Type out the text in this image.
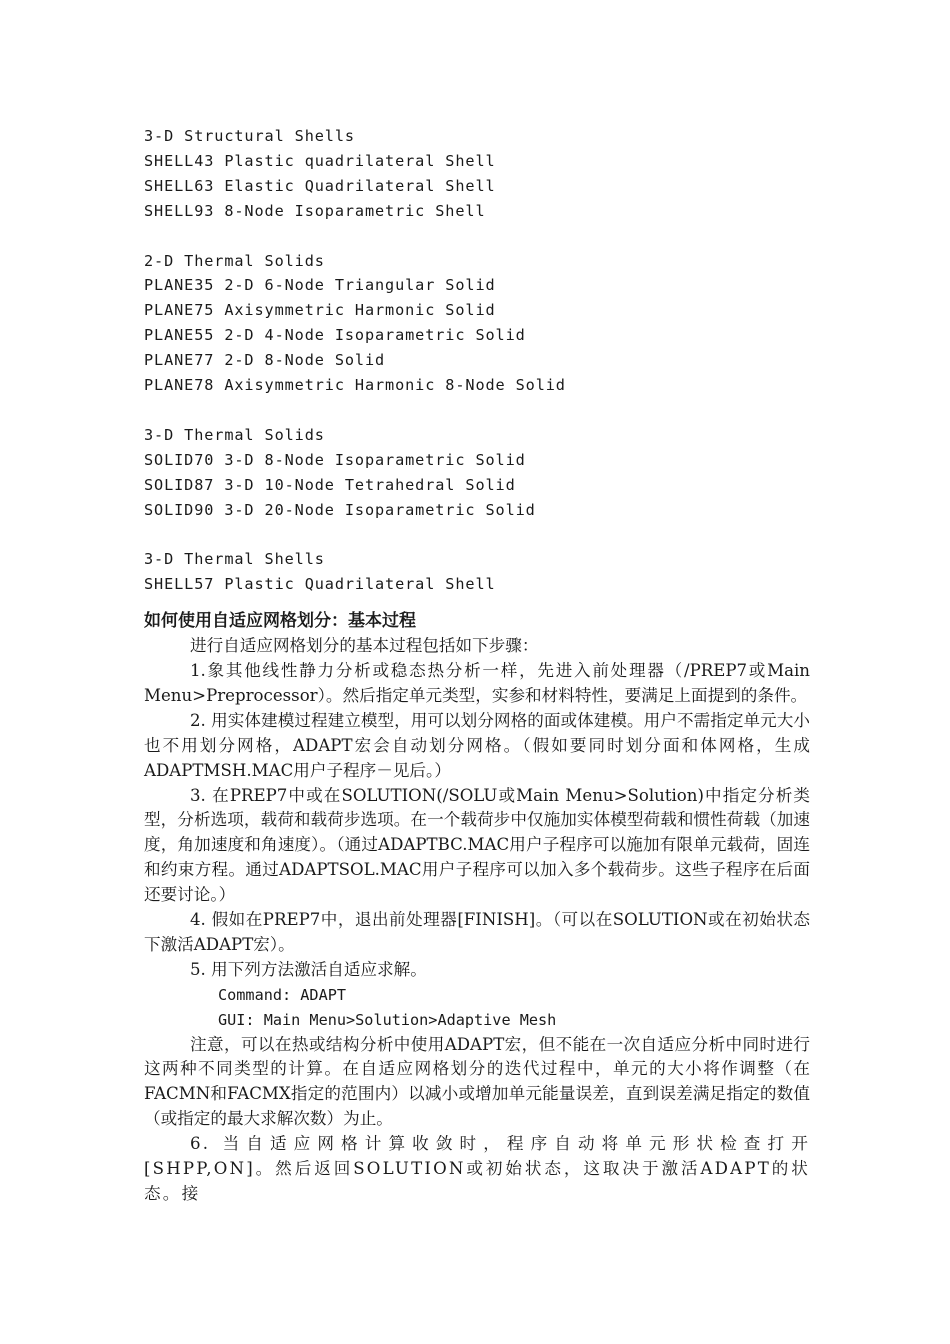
3-D Structural Shells
SHELL43 Plastic quadrilateral Shell
SHELL63 Elastic Quadrilateral Shell
SHELL93 8-Node Isoparametric Shell
2-D Thermal Solids
PLANE35 2-D 6-Node Triangular Solid
PLANE75 Axisymmetric Harmonic Solid
PLANE55 2-D 4-Node Isoparametric Solid
PLANE77 2-D 8-Node Solid
PLANE78 Axisymmetric Harmonic 8-Node Solid
3-D Thermal Solids
SOLID70 3-D 8-Node Isoparametric Solid
SOLID87 3-D 10-Node Tetrahedral Solid
SOLID90 3-D 20-Node Isoparametric Solid
3-D Thermal Shells
SHELL57 Plastic Quadrilateral Shell
如何使用自适应网格划分：基本过程
进行自适应网格划分的基本过程包括如下步骤：
1.象其他线性静力分析或稳态热分析一样，先进入前处理器（/PREP7或Main Menu>Preprocessor）。然后指定单元类型，实参和材料特性，要满足上面提到的条件。
2. 用实体建模过程建立模型，用可以划分网格的面或体建模。用户不需指定单元大小也不用划分网格，ADAPT宏会自动划分网格。（假如要同时划分面和体网格，生成ADAPTMSH.MAC用户子程序－见后。）
3. 在PREP7中或在SOLUTION(/SOLU或Main Menu>Solution)中指定分析类型，分析选项，载荷和载荷步选项。在一个载荷步中仅施加实体模型荷载和惯性荷载（加速度，角加速度和角速度）。（通过ADAPTBC.MAC用户子程序可以施加有限单元载荷，固连和约束方程。通过ADAPTSOL.MAC用户子程序可以加入多个载荷步。这些子程序在后面还要讨论。）
4. 假如在PREP7中，退出前处理器[FINISH]。（可以在SOLUTION或在初始状态下激活ADAPT宏）。
5. 用下列方法激活自适应求解。
Command: ADAPT
GUI: Main Menu>Solution>Adaptive Mesh
注意，可以在热或结构分析中使用ADAPT宏，但不能在一次自适应分析中同时进行这两种不同类型的计算。在自适应网格划分的迭代过程中，单元的大小将作调整（在FACMN和FACMX指定的范围内）以减小或增加单元能量误差，直到误差满足指定的数值（或指定的最大求解次数）为止。
6. 当自适应网格计算收敛时，程序自动将单元形状检查打开[SHPP,ON]。然后返回SOLUTION或初始状态，这取决于激活ADAPT的状态。接
